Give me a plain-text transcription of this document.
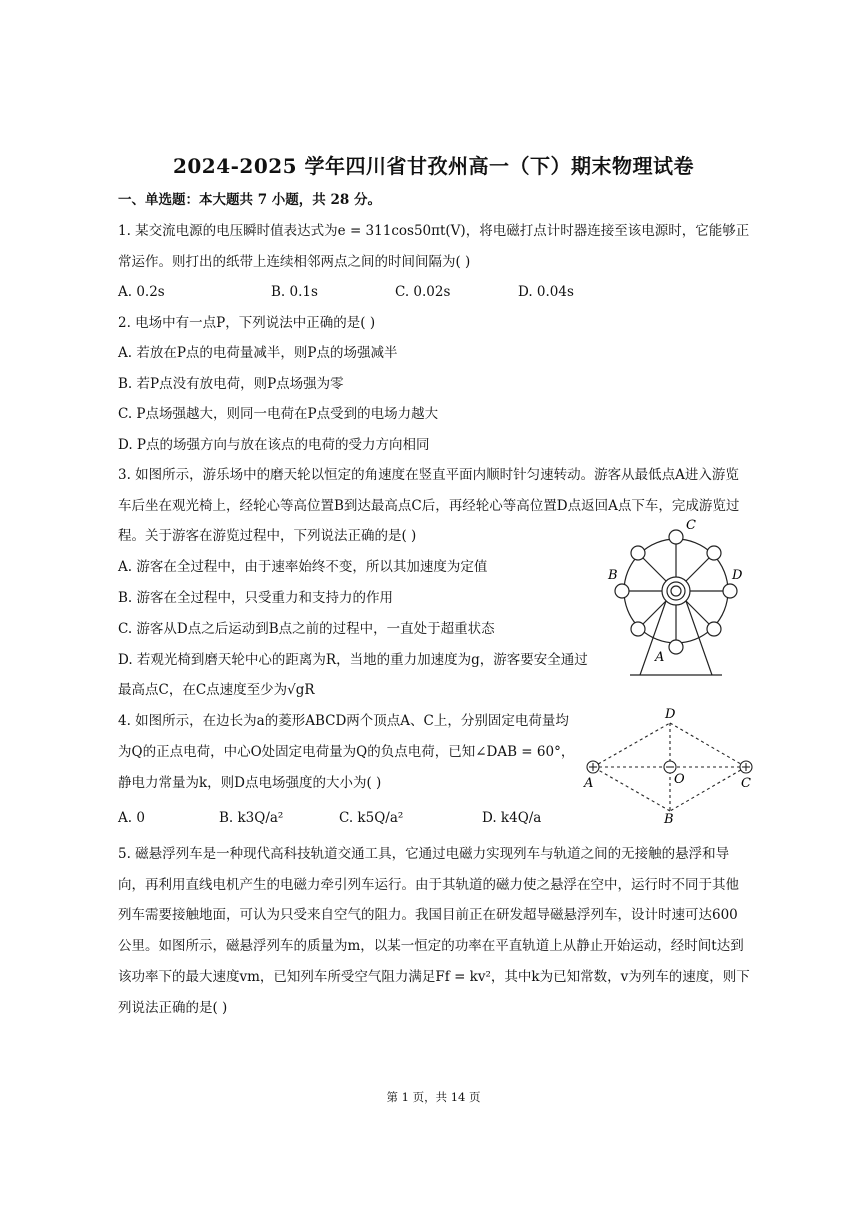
2024-2025 学年四川省甘孜州高一（下）期末物理试卷
一、单选题：本大题共 7 小题，共 28 分。
1. 某交流电源的电压瞬时值表达式为e = 311cos50πt(V)，将电磁打点计时器连接至该电源时，它能够正
常运作。则打出的纸带上连续相邻两点之间的时间间隔为( )
A. 0.2s	B. 0.1s	C. 0.02s	D. 0.04s
2. 电场中有一点P，下列说法中正确的是( )
A. 若放在P点的电荷量减半，则P点的场强减半
B. 若P点没有放电荷，则P点场强为零
C. P点场强越大，则同一电荷在P点受到的电场力越大
D. P点的场强方向与放在该点的电荷的受力方向相同
3. 如图所示，游乐场中的磨天轮以恒定的角速度在竖直平面内顺时针匀速转动。游客从最低点A进入游览
车后坐在观光椅上，经轮心等高位置B到达最高点C后，再经轮心等高位置D点返回A点下车，完成游览过
程。关于游客在游览过程中，下列说法正确的是( )
A. 游客在全过程中，由于速率始终不变，所以其加速度为定值
B. 游客在全过程中，只受重力和支持力的作用
C. 游客从D点之后运动到B点之前的过程中，一直处于超重状态
D. 若观光椅到磨天轮中心的距离为R，当地的重力加速度为g，游客要安全通过
最高点C，在C点速度至少为√gR
C
B	D
A
4. 如图所示，在边长为a的菱形ABCD两个顶点A、C上，分别固定电荷量均
为Q的正点电荷，中心O处固定电荷量为Q的负点电荷，已知∠DAB = 60°，
静电力常量为k，则D点电场强度的大小为( )
A. 0	B. k3Q/a²	C. k5Q/a²	D. k4Q/a
D
A	C
O
B
5. 磁悬浮列车是一种现代高科技轨道交通工具，它通过电磁力实现列车与轨道之间的无接触的悬浮和导
向，再利用直线电机产生的电磁力牵引列车运行。由于其轨道的磁力使之悬浮在空中，运行时不同于其他
列车需要接触地面，可认为只受来自空气的阻力。我国目前正在研发超导磁悬浮列车，设计时速可达600
公里。如图所示，磁悬浮列车的质量为m，以某一恒定的功率在平直轨道上从静止开始运动，经时间t达到
该功率下的最大速度vm，已知列车所受空气阻力满足Ff = kv²，其中k为已知常数，v为列车的速度，则下
列说法正确的是( )
第 1 页，共 14 页
